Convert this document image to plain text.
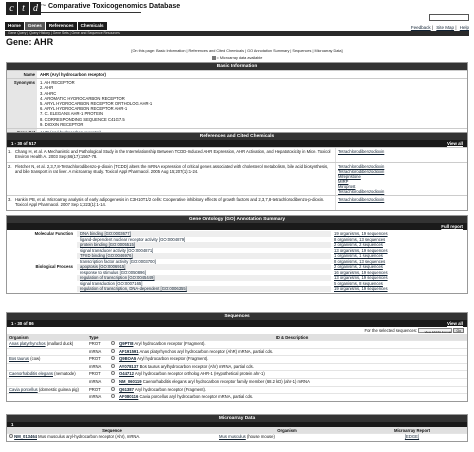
c t d	The Comparative Toxicogenomics Database
Feedback | Site Map | Help
Home	Genes	References	Chemicals
Gene Query | Query History | Gene Sets | Gene and Sequence Resources
Gene: AHR
[On this page: Basic Information | References and Cited Chemicals | GO Annotation Summary | Sequences | Microarray Data]
= Microarray data available
Basic Information
Name	AHR (Aryl hydrocarbon receptor)
Synonyms	1. AH RECEPTOR
2. AHR
3. AHRC
4. AROMATIC HYDROCARBON RECEPTOR
5. ARYL HYDROCARBON RECEPTOR ORTHOLOG AHR-1
6. ARYL HYDROCARBON RECEPTOR AHR-1
7. C. ELEGANS AHR-1 PROTEIN
8. CORRESPONDING SEQUENCE C41G7.5
9. DIOXIN RECEPTOR
References and Cited Chemicals
1 - 30 of 517	View all
1. Chang H, et al. A Mechanistic and Pathological Study in the Interrelationship Between TCDD-Induced AHR Expression, AHR Activation, and Hepatotoxicity in Mice. Toxicol Environ Health A. 2003 Sep;66(17):1567-78.
Tetrachlorodibenzodioxin
2. Fletcher N, et al. 2,3,7,8-Tetrachlorodibenzo-p-dioxin (TCDD) alters the mRNA expression of critical genes associated with cholesterol metabolism, bile acid biosynthesis, and bile transport in rat liver. A microarray study. Toxicol Appl Pharmacol. 2005 Aug 15;207(1):1-24.
Tetrachlorodibenzodioxin
Tetrachlorodibenzodioxin
Mifepristone
MIRP
Miroprost
Tetrachlorodibenzodioxin
3. Hankin PB, et al. Microarray analysis of early adipogenesis in C3H10T1/2 cells: Cooperative inhibitory effects of growth factors and 2,3,7,8-tetrachlorodibenzo-p-dioxin. Toxicol Appl Pharmacol. 2007 Sep 1;223(1):1-14.
Tetrachlorodibenzodioxin
Gene Ontology (GO) Annotation Summary
Full report
Molecular Function	DNA binding [GO:0003677]	19 organisms, 19 sequences
ligand-dependent nuclear receptor activity [GO:0004879]	8 organisms, 13 sequences
protein binding [GO:0005515]	2 organisms, 2 sequences
signal transducer activity [GO:0004871]	13 organisms, 19 sequences
TFIID binding [GO:0046976]	1 organisms, 1 sequences
transcription factor activity [GO:0003700]	8 organisms, 13 sequences
Biological Process	apoptosis [GO:0006915]	2 organisms, 2 sequences
response to stimulus [GO:0050896]	16 organisms, 19 sequences
regulation of transcription [GO:0045449]	13 organisms, 19 sequences
signal transduction [GO:0007165]	5 organisms, 8 sequences
regulation of transcription, DNA-dependent [GO:0006355]	19 organisms, 19 sequences
Sequences
1 - 30 of 86	View all
For the selected sequences: View FASTA Format Go
Organism	Type		ID & Description
Anas platyrhynchos (mallard duck)	PROT		Q9PTI8 Aryl hydrocarbon receptor (Fragment).
	mRNA		AF191591 Anas platyrhynchos aryl hydrocarbon receptor (AhR) mRNA, partial cds.
Bos taurus (cow)	PROT		Q9BOA5 Aryl hydrocarbon receptor (Fragment).
	mRNA		AY078137 Bos taurus arylhydrocarbon receptor (Ahr) mRNA, partial cds.
Caenorhabditis elegans (nematode)	PROT		O44712 Aryl hydrocarbon receptor ortholog AHR-1 (Hypothetical protein ahr-1)
	mRNA		NM_060119 Caenorhabditis elegans aryl hydrocarbon receptor family member (68.2 kD) (ahr-1) mRNA
Cavia porcellus (domestic guinea pig)	PROT		Q61387 Aryl hydrocarbon receptor (Fragment).
	mRNA		AF080116 Cavia porcellus aryl hydrocarbon receptor mRNA, partial cds.
Microarray Data
1
Sequence	Organism	Microarray Report
NM_013464 Mus musculus aryl-hydrocarbon receptor (Ahr), mRNA.	Mus musculus (house mouse)	[EDGE]
